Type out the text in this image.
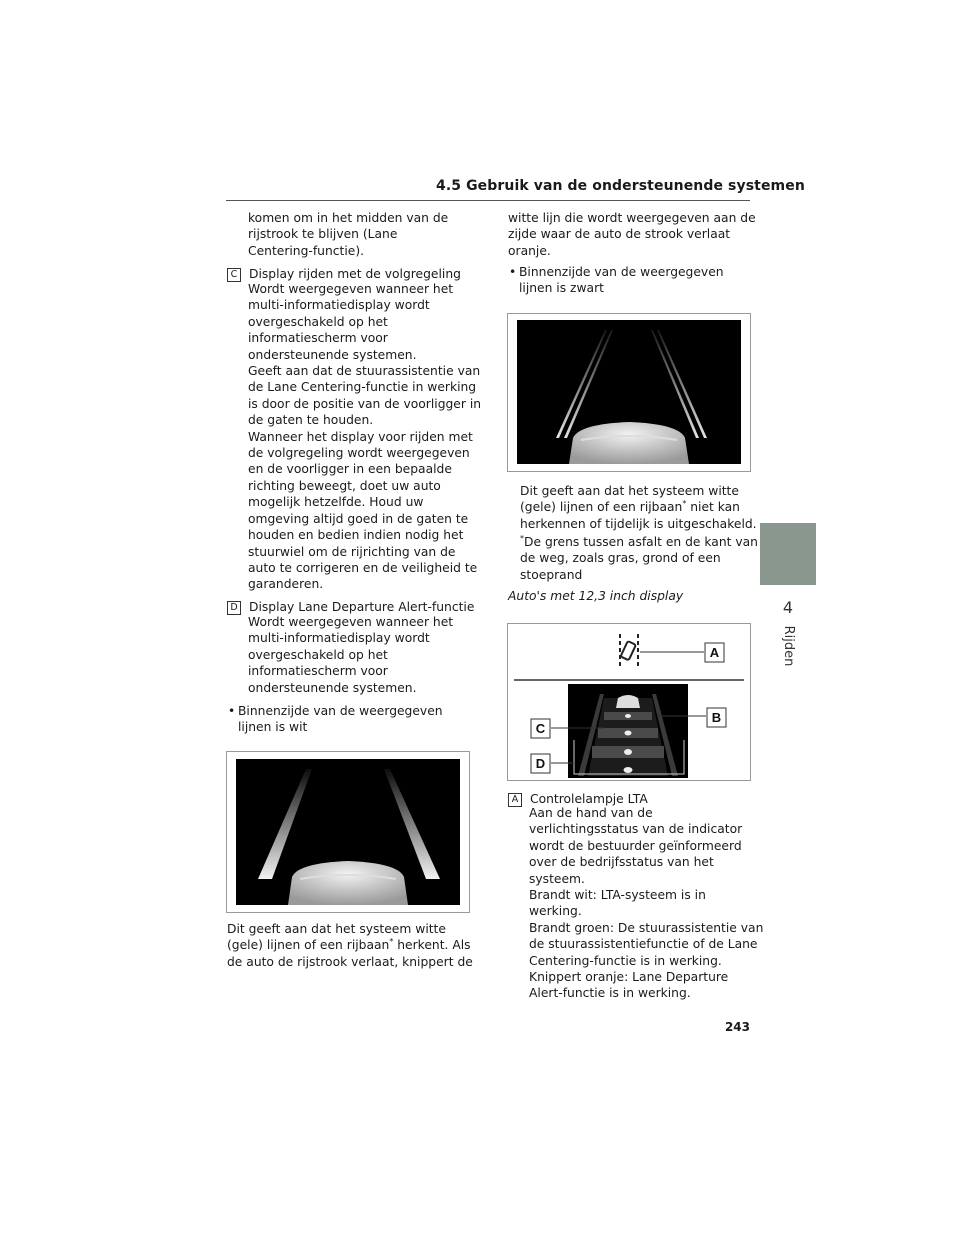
4.5 Gebruik van de ondersteunende systemen
4
Rijden
komen om in het midden van de
rijstrook te blijven (Lane
Centering-functie).
C Display rijden met de volgregeling
Wordt weergegeven wanneer het
multi-informatiedisplay wordt
overgeschakeld op het
informatiescherm voor
ondersteunende systemen.
Geeft aan dat de stuurassistentie van
de Lane Centering-functie in werking
is door de positie van de voorligger in
de gaten te houden.
Wanneer het display voor rijden met
de volgregeling wordt weergegeven
en de voorligger in een bepaalde
richting beweegt, doet uw auto
mogelijk hetzelfde. Houd uw
omgeving altijd goed in de gaten te
houden en bedien indien nodig het
stuurwiel om de rijrichting van de
auto te corrigeren en de veiligheid te
garanderen.
D Display Lane Departure Alert-functie
Wordt weergegeven wanneer het
multi-informatiedisplay wordt
overgeschakeld op het
informatiescherm voor
ondersteunende systemen.
• Binnenzijde van de weergegeven
lijnen is wit
Dit geeft aan dat het systeem witte
(gele) lijnen of een rijbaan* herkent. Als
de auto de rijstrook verlaat, knippert de
witte lijn die wordt weergegeven aan de
zijde waar de auto de strook verlaat
oranje.
• Binnenzijde van de weergegeven
lijnen is zwart
Dit geeft aan dat het systeem witte
(gele) lijnen of een rijbaan* niet kan
herkennen of tijdelijk is uitgeschakeld.
*De grens tussen asfalt en de kant van
de weg, zoals gras, grond of een
stoeprand
Auto's met 12,3 inch display
A
B
C
D
A Controlelampje LTA
Aan de hand van de
verlichtingsstatus van de indicator
wordt de bestuurder geïnformeerd
over de bedrijfsstatus van het
systeem.
Brandt wit: LTA-systeem is in
werking.
Brandt groen: De stuurassistentie van
de stuurassistentiefunctie of de Lane
Centering-functie is in werking.
Knippert oranje: Lane Departure
Alert-functie is in werking.
243
